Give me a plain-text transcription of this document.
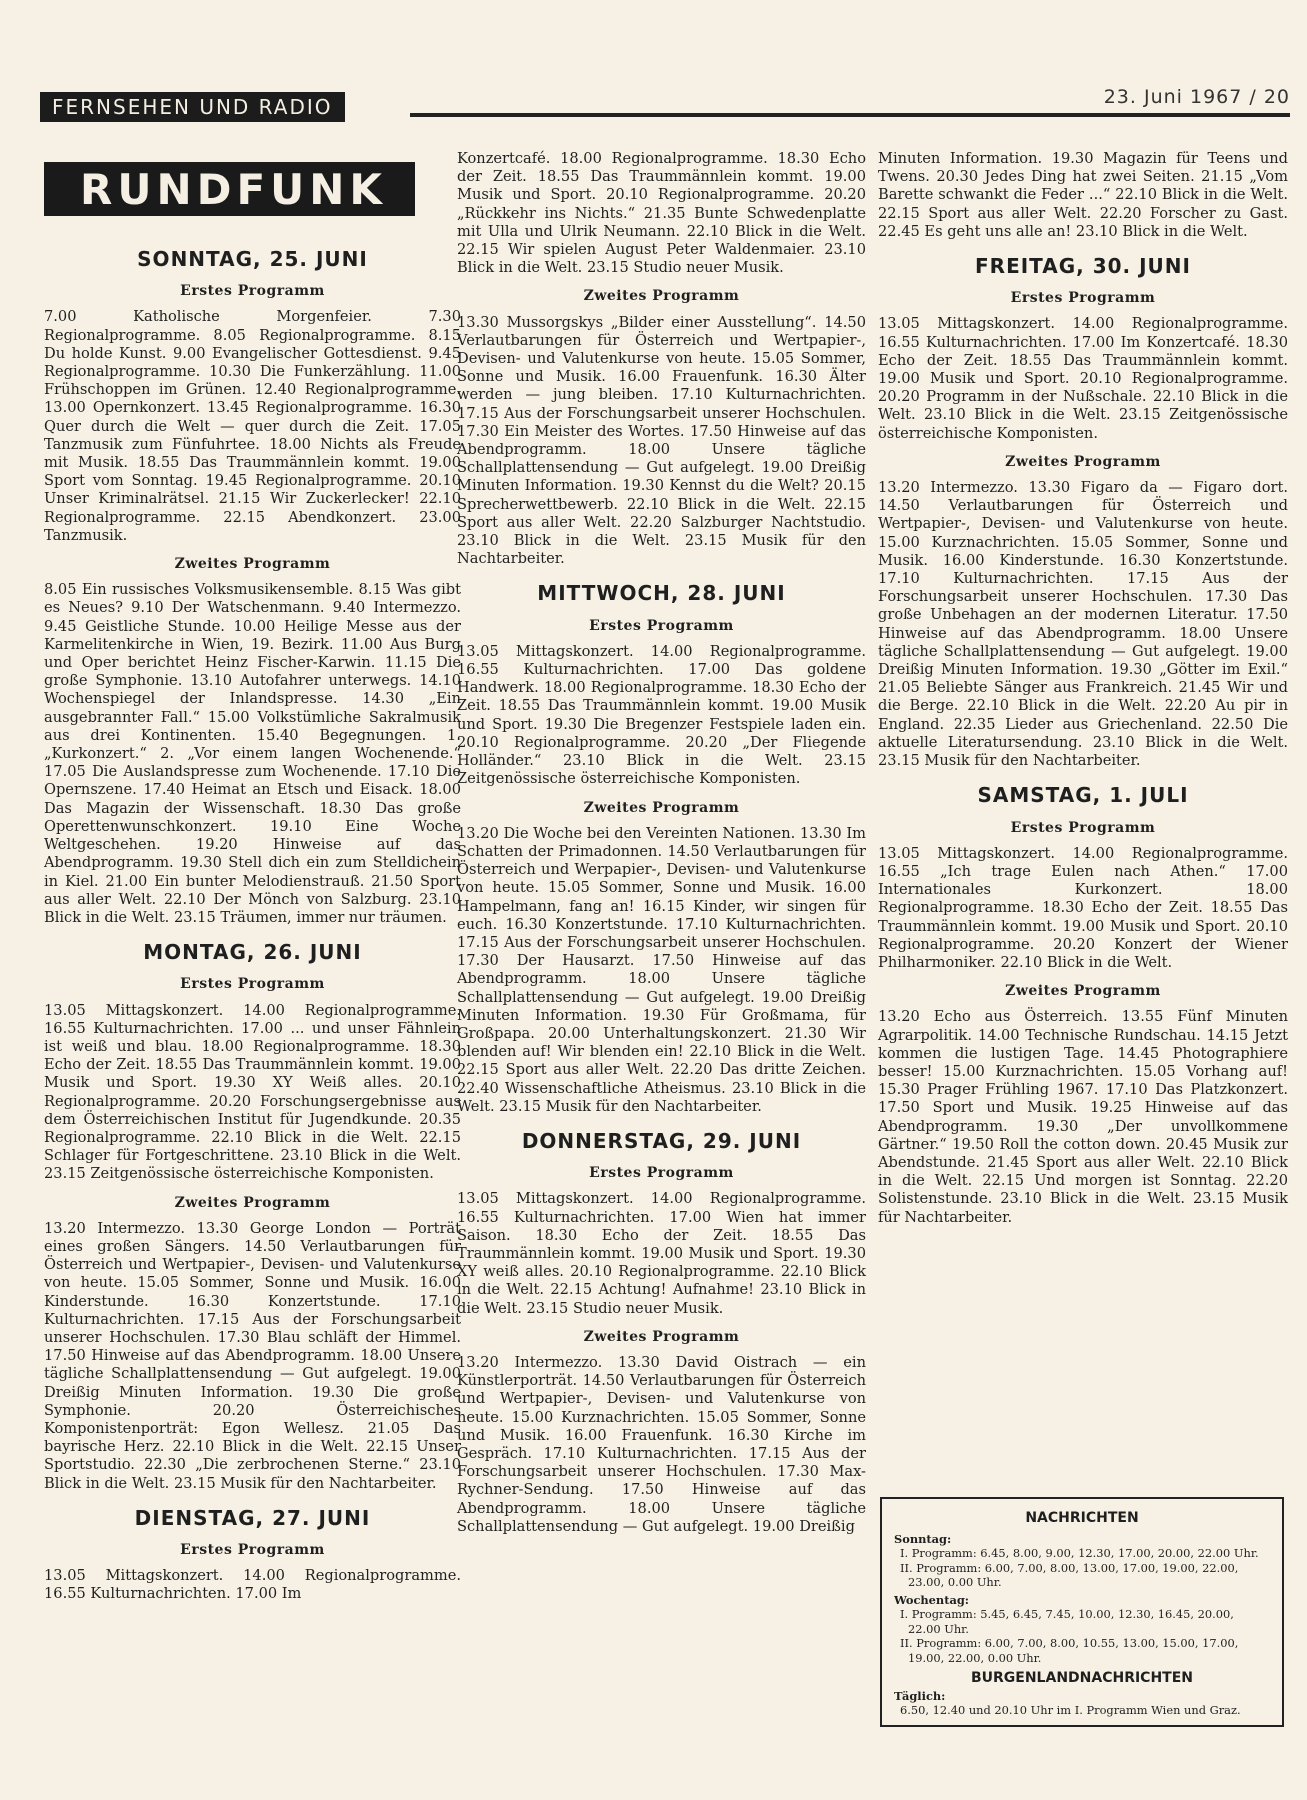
FERNSEHEN UND RADIO	23. Juni 1967 / 20
RUNDFUNK
SONNTAG, 25. JUNI
Erstes Programm

7.00 Katholische Morgenfeier. 7.30 Regionalprogramme. 8.05 Regionalprogramme. 8.15 Du holde Kunst. 9.00 Evangelischer Gottesdienst. 9.45 Regionalprogramme. 10.30 Die Funkerzählung. 11.00 Frühschoppen im Grünen. 12.40 Regionalprogramme. 13.00 Opernkonzert. 13.45 Regionalprogramme. 16.30 Quer durch die Welt — quer durch die Zeit. 17.05 Tanzmusik zum Fünfuhrtee. 18.00 Nichts als Freude mit Musik. 18.55 Das Traummännlein kommt. 19.00 Sport vom Sonntag. 19.45 Regionalprogramme. 20.10 Unser Kriminalrätsel. 21.15 Wir Zuckerlecker! 22.10 Regionalprogramme. 22.15 Abendkonzert. 23.00 Tanzmusik.

Zweites Programm

8.05 Ein russisches Volksmusikensemble. 8.15 Was gibt es Neues? 9.10 Der Watschenmann. 9.40 Intermezzo. 9.45 Geistliche Stunde. 10.00 Heilige Messe aus der Karmelitenkirche in Wien, 19. Bezirk. 11.00 Aus Burg und Oper berichtet Heinz Fischer-Karwin. 11.15 Die große Symphonie. 13.10 Autofahrer unterwegs. 14.10 Wochenspiegel der Inlandspresse. 14.30 „Ein ausgebrannter Fall.“ 15.00 Volkstümliche Sakralmusik aus drei Kontinenten. 15.40 Begegnungen. 1. „Kurkonzert.“ 2. „Vor einem langen Wochenende.“ 17.05 Die Auslandspresse zum Wochenende. 17.10 Die Opernszene. 17.40 Heimat an Etsch und Eisack. 18.00 Das Magazin der Wissenschaft. 18.30 Das große Operettenwunschkonzert. 19.10 Eine Woche Weltgeschehen. 19.20 Hinweise auf das Abendprogramm. 19.30 Stell dich ein zum Stelldichein in Kiel. 21.00 Ein bunter Melodienstrauß. 21.50 Sport aus aller Welt. 22.10 Der Mönch von Salzburg. 23.10 Blick in die Welt. 23.15 Träumen, immer nur träumen.

MONTAG, 26. JUNI
Erstes Programm

13.05 Mittagskonzert. 14.00 Regionalprogramme. 16.55 Kulturnachrichten. 17.00 ... und unser Fähnlein ist weiß und blau. 18.00 Regionalprogramme. 18.30 Echo der Zeit. 18.55 Das Traummännlein kommt. 19.00 Musik und Sport. 19.30 XY Weiß alles. 20.10 Regionalprogramme. 20.20 Forschungsergebnisse aus dem Österreichischen Institut für Jugendkunde. 20.35 Regionalprogramme. 22.10 Blick in die Welt. 22.15 Schlager für Fortgeschrittene. 23.10 Blick in die Welt. 23.15 Zeitgenössische österreichische Komponisten.

Zweites Programm

13.20 Intermezzo. 13.30 George London — Porträt eines großen Sängers. 14.50 Verlautbarungen für Österreich und Wertpapier-, Devisen- und Valutenkurse von heute. 15.05 Sommer, Sonne und Musik. 16.00 Kinderstunde. 16.30 Konzertstunde. 17.10 Kulturnachrichten. 17.15 Aus der Forschungsarbeit unserer Hochschulen. 17.30 Blau schläft der Himmel. 17.50 Hinweise auf das Abendprogramm. 18.00 Unsere tägliche Schallplattensendung — Gut aufgelegt. 19.00 Dreißig Minuten Information. 19.30 Die große Symphonie. 20.20 Österreichisches Komponistenporträt: Egon Wellesz. 21.05 Das bayrische Herz. 22.10 Blick in die Welt. 22.15 Unser Sportstudio. 22.30 „Die zerbrochenen Sterne.“ 23.10 Blick in die Welt. 23.15 Musik für den Nachtarbeiter.

DIENSTAG, 27. JUNI
Erstes Programm

13.05 Mittagskonzert. 14.00 Regionalprogramme. 16.55 Kulturnachrichten. 17.00 Im

Konzertcafé. 18.00 Regionalprogramme. 18.30 Echo der Zeit. 18.55 Das Traummännlein kommt. 19.00 Musik und Sport. 20.10 Regionalprogramme. 20.20 „Rückkehr ins Nichts.“ 21.35 Bunte Schwedenplatte mit Ulla und Ulrik Neumann. 22.10 Blick in die Welt. 22.15 Wir spielen August Peter Waldenmaier. 23.10 Blick in die Welt. 23.15 Studio neuer Musik.

Zweites Programm

13.30 Mussorgskys „Bilder einer Ausstellung“. 14.50 Verlautbarungen für Österreich und Wertpapier-, Devisen- und Valutenkurse von heute. 15.05 Sommer, Sonne und Musik. 16.00 Frauenfunk. 16.30 Älter werden — jung bleiben. 17.10 Kulturnachrichten. 17.15 Aus der Forschungsarbeit unserer Hochschulen. 17.30 Ein Meister des Wortes. 17.50 Hinweise auf das Abendprogramm. 18.00 Unsere tägliche Schallplattensendung — Gut aufgelegt. 19.00 Dreißig Minuten Information. 19.30 Kennst du die Welt? 20.15 Sprecherwettbewerb. 22.10 Blick in die Welt. 22.15 Sport aus aller Welt. 22.20 Salzburger Nachtstudio. 23.10 Blick in die Welt. 23.15 Musik für den Nachtarbeiter.

MITTWOCH, 28. JUNI
Erstes Programm

13.05 Mittagskonzert. 14.00 Regionalprogramme. 16.55 Kulturnachrichten. 17.00 Das goldene Handwerk. 18.00 Regionalprogramme. 18.30 Echo der Zeit. 18.55 Das Traummännlein kommt. 19.00 Musik und Sport. 19.30 Die Bregenzer Festspiele laden ein. 20.10 Regionalprogramme. 20.20 „Der Fliegende Holländer.“ 23.10 Blick in die Welt. 23.15 Zeitgenössische österreichische Komponisten.

Zweites Programm

13.20 Die Woche bei den Vereinten Nationen. 13.30 Im Schatten der Primadonnen. 14.50 Verlautbarungen für Österreich und Werpapier-, Devisen- und Valutenkurse von heute. 15.05 Sommer, Sonne und Musik. 16.00 Hampelmann, fang an! 16.15 Kinder, wir singen für euch. 16.30 Konzertstunde. 17.10 Kulturnachrichten. 17.15 Aus der Forschungsarbeit unserer Hochschulen. 17.30 Der Hausarzt. 17.50 Hinweise auf das Abendprogramm. 18.00 Unsere tägliche Schallplattensendung — Gut aufgelegt. 19.00 Dreißig Minuten Information. 19.30 Für Großmama, für Großpapa. 20.00 Unterhaltungskonzert. 21.30 Wir blenden auf! Wir blenden ein! 22.10 Blick in die Welt. 22.15 Sport aus aller Welt. 22.20 Das dritte Zeichen. 22.40 Wissenschaftliche Atheismus. 23.10 Blick in die Welt. 23.15 Musik für den Nachtarbeiter.

DONNERSTAG, 29. JUNI
Erstes Programm

13.05 Mittagskonzert. 14.00 Regionalprogramme. 16.55 Kulturnachrichten. 17.00 Wien hat immer Saison. 18.30 Echo der Zeit. 18.55 Das Traummännlein kommt. 19.00 Musik und Sport. 19.30 XY weiß alles. 20.10 Regionalprogramme. 22.10 Blick in die Welt. 22.15 Achtung! Aufnahme! 23.10 Blick in die Welt. 23.15 Studio neuer Musik.

Zweites Programm

13.20 Intermezzo. 13.30 David Oistrach — ein Künstlerporträt. 14.50 Verlautbarungen für Österreich und Wertpapier-, Devisen- und Valutenkurse von heute. 15.00 Kurznachrichten. 15.05 Sommer, Sonne und Musik. 16.00 Frauenfunk. 16.30 Kirche im Gespräch. 17.10 Kulturnachrichten. 17.15 Aus der Forschungsarbeit unserer Hochschulen. 17.30 Max-Rychner-Sendung. 17.50 Hinweise auf das Abendprogramm. 18.00 Unsere tägliche Schallplattensendung — Gut aufgelegt. 19.00 Dreißig

Minuten Information. 19.30 Magazin für Teens und Twens. 20.30 Jedes Ding hat zwei Seiten. 21.15 „Vom Barette schwankt die Feder ...“ 22.10 Blick in die Welt. 22.15 Sport aus aller Welt. 22.20 Forscher zu Gast. 22.45 Es geht uns alle an! 23.10 Blick in die Welt.

FREITAG, 30. JUNI
Erstes Programm

13.05 Mittagskonzert. 14.00 Regionalprogramme. 16.55 Kulturnachrichten. 17.00 Im Konzertcafé. 18.30 Echo der Zeit. 18.55 Das Traummännlein kommt. 19.00 Musik und Sport. 20.10 Regionalprogramme. 20.20 Programm in der Nußschale. 22.10 Blick in die Welt. 23.10 Blick in die Welt. 23.15 Zeitgenössische österreichische Komponisten.

Zweites Programm

13.20 Intermezzo. 13.30 Figaro da — Figaro dort. 14.50 Verlautbarungen für Österreich und Wertpapier-, Devisen- und Valutenkurse von heute. 15.00 Kurznachrichten. 15.05 Sommer, Sonne und Musik. 16.00 Kinderstunde. 16.30 Konzertstunde. 17.10 Kulturnachrichten. 17.15 Aus der Forschungsarbeit unserer Hochschulen. 17.30 Das große Unbehagen an der modernen Literatur. 17.50 Hinweise auf das Abendprogramm. 18.00 Unsere tägliche Schallplattensendung — Gut aufgelegt. 19.00 Dreißig Minuten Information. 19.30 „Götter im Exil.“ 21.05 Beliebte Sänger aus Frankreich. 21.45 Wir und die Berge. 22.10 Blick in die Welt. 22.20 Au pir in England. 22.35 Lieder aus Griechenland. 22.50 Die aktuelle Literatursendung. 23.10 Blick in die Welt. 23.15 Musik für den Nachtarbeiter.

SAMSTAG, 1. JULI
Erstes Programm

13.05 Mittagskonzert. 14.00 Regionalprogramme. 16.55 „Ich trage Eulen nach Athen.“ 17.00 Internationales Kurkonzert. 18.00 Regionalprogramme. 18.30 Echo der Zeit. 18.55 Das Traummännlein kommt. 19.00 Musik und Sport. 20.10 Regionalprogramme. 20.20 Konzert der Wiener Philharmoniker. 22.10 Blick in die Welt.

Zweites Programm

13.20 Echo aus Österreich. 13.55 Fünf Minuten Agrarpolitik. 14.00 Technische Rundschau. 14.15 Jetzt kommen die lustigen Tage. 14.45 Photographiere besser! 15.00 Kurznachrichten. 15.05 Vorhang auf! 15.30 Prager Frühling 1967. 17.10 Das Platzkonzert. 17.50 Sport und Musik. 19.25 Hinweise auf das Abendprogramm. 19.30 „Der unvollkommene Gärtner.“ 19.50 Roll the cotton down. 20.45 Musik zur Abendstunde. 21.45 Sport aus aller Welt. 22.10 Blick in die Welt. 22.15 Und morgen ist Sonntag. 22.20 Solistenstunde. 23.10 Blick in die Welt. 23.15 Musik für Nachtarbeiter.

NACHRICHTEN
Sonntag:
I. Programm: 6.45, 8.00, 9.00, 12.30, 17.00, 20.00, 22.00 Uhr.
II. Programm: 6.00, 7.00, 8.00, 13.00, 17.00, 19.00, 22.00, 23.00, 0.00 Uhr.
Wochentag:
I. Programm: 5.45, 6.45, 7.45, 10.00, 12.30, 16.45, 20.00, 22.00 Uhr.
II. Programm: 6.00, 7.00, 8.00, 10.55, 13.00, 15.00, 17.00, 19.00, 22.00, 0.00 Uhr.
BURGENLANDNACHRICHTEN
Täglich:
6.50, 12.40 und 20.10 Uhr im I. Programm Wien und Graz.
